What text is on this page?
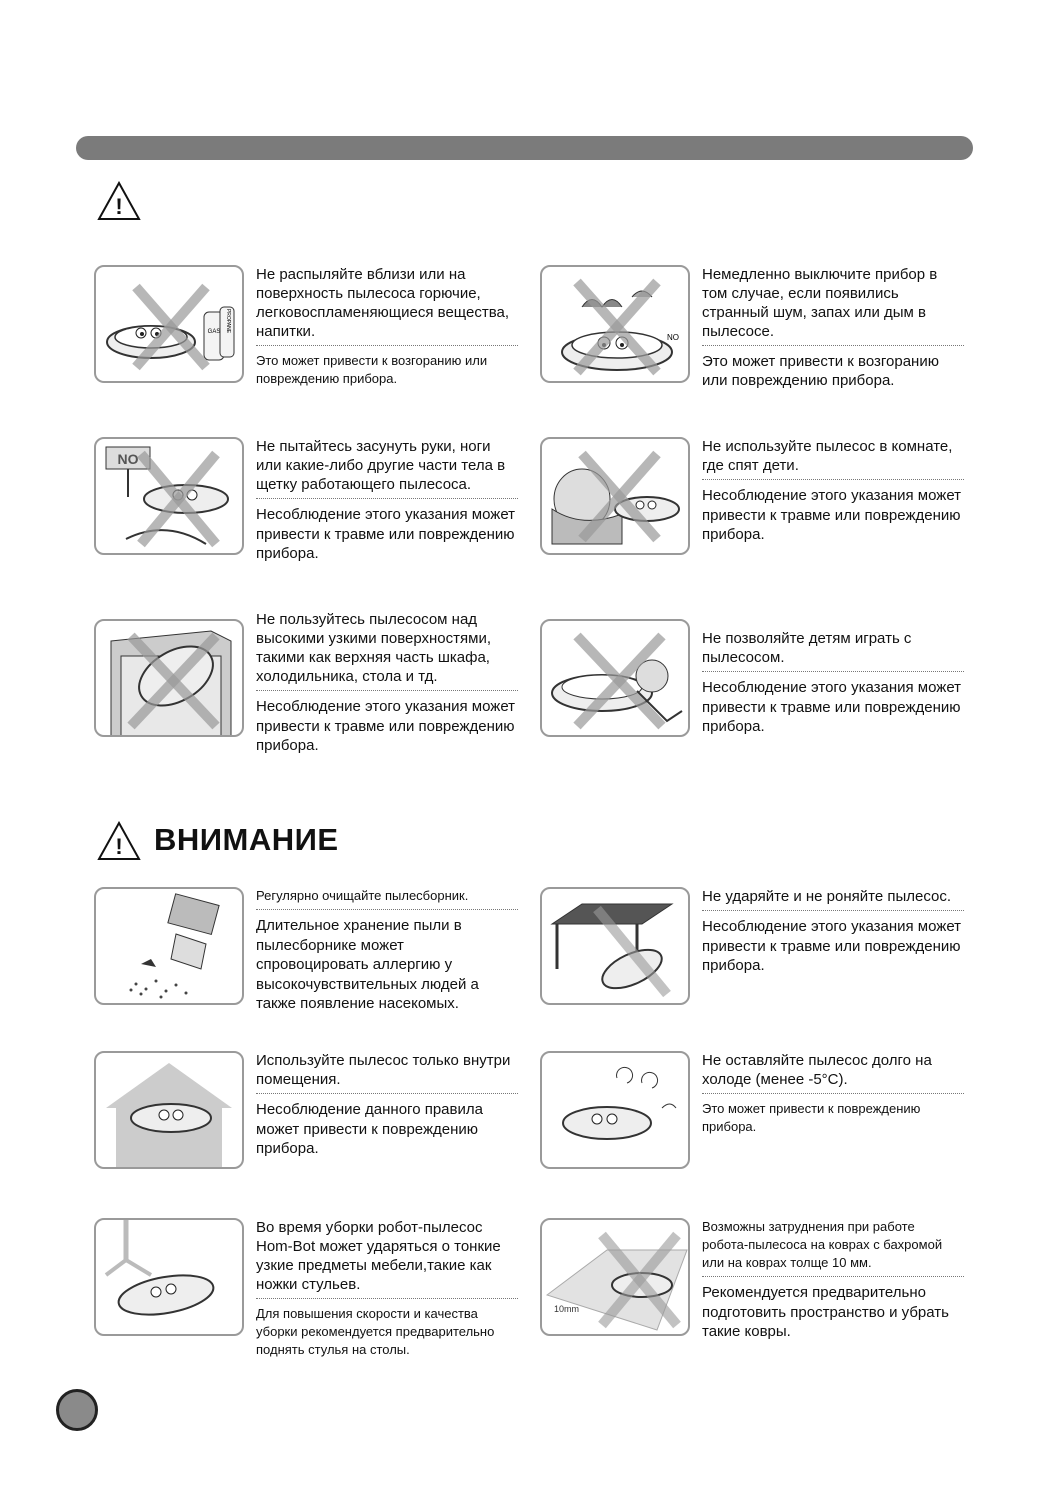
!
! ВНИМАНИЕ
GAS PROPANE
Не распыляйте вблизи или на поверхность пылесоса горючие, легковоспламеняющиеся вещества, напитки.
Это может привести к возгоранию или повреждению прибора.
NO
Немедленно выключите прибор в том случае, если появились странный шум, запах или дым в пылесосе.
Это может привести к возгоранию или повреждению прибора.
NO
Не пытайтесь засунуть руки, ноги или какие-либо другие части тела в щетку работающего пылесоса.
Несоблюдение этого указания может привести к травме или повреждению прибора.
Не используйте пылесос в комнате, где спят дети.
Несоблюдение этого указания может привести к травме или повреждению прибора.
Не пользуйтесь пылесосом над высокими узкими поверхностями, такими как верхняя часть шкафа, холодильника, стола и тд.
Несоблюдение этого указания может привести к травме или повреждению прибора.
Не позволяйте детям играть с пылесосом.
Несоблюдение этого указания может привести к травме или повреждению прибора.
Регулярно очищайте пылесборник.
Длительное хранение пыли в пылесборнике может спровоцировать аллергию у высокочувствительных людей а также появление насекомых.
Не ударяйте и не роняйте пылесос.
Несоблюдение этого указания может привести к травме или повреждению прибора.
Используйте пылесос только внутри помещения.
Несоблюдение данного правила может привести к повреждению прибора.
Не оставляйте пылесос долго на холоде (менее -5°C).
Это может привести к повреждению прибора.
Во время уборки робот-пылесос Hom-Bot может ударяться о тонкие узкие предметы мебели,такие как ножки стульев.
Для повышения скорости и качества уборки рекомендуется предварительно поднять стулья на столы.
10mm
Возможны затруднения при работе робота-пылесоса на коврах с бахромой или на коврах толще 10 мм.
Рекомендуется предварительно подготовить пространство и убрать такие ковры.
